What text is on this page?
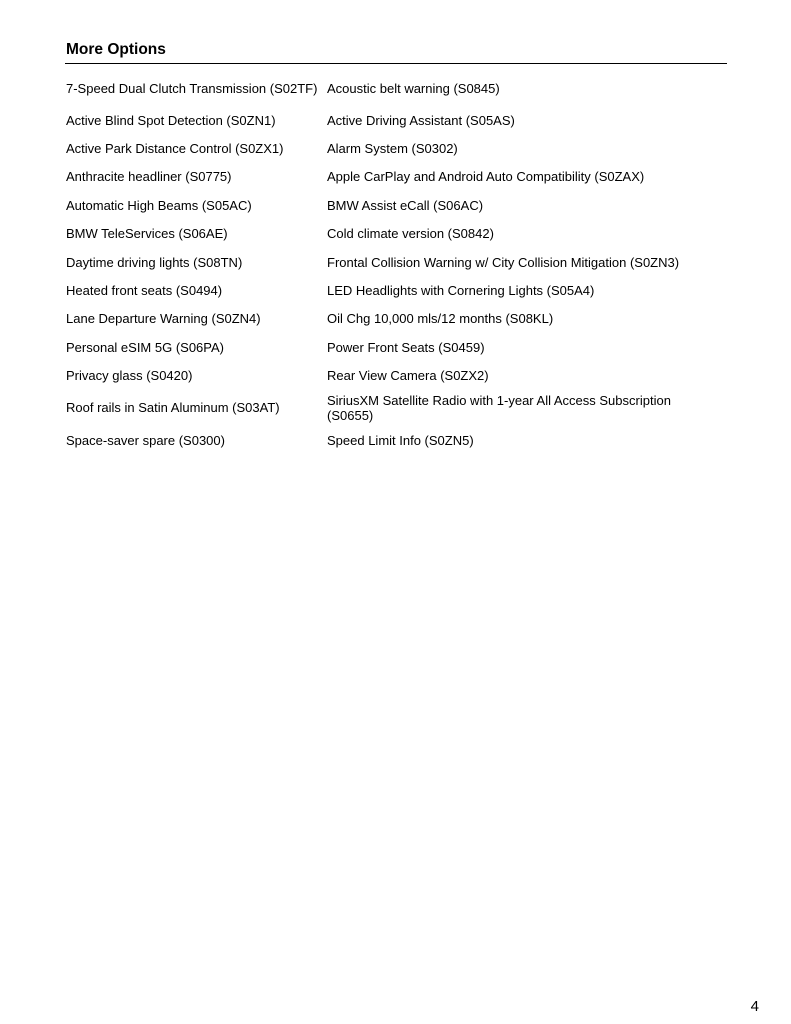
More Options
7-Speed Dual Clutch Transmission (S02TF)	Acoustic belt warning (S0845)
Active Blind Spot Detection (S0ZN1)	Active Driving Assistant (S05AS)
Active Park Distance Control (S0ZX1)	Alarm System (S0302)
Anthracite headliner (S0775)	Apple CarPlay and Android Auto Compatibility (S0ZAX)
Automatic High Beams (S05AC)	BMW Assist eCall (S06AC)
BMW TeleServices (S06AE)	Cold climate version (S0842)
Daytime driving lights (S08TN)	Frontal Collision Warning w/ City Collision Mitigation (S0ZN3)
Heated front seats (S0494)	LED Headlights with Cornering Lights (S05A4)
Lane Departure Warning (S0ZN4)	Oil Chg 10,000 mls/12 months (S08KL)
Personal eSIM 5G (S06PA)	Power Front Seats (S0459)
Privacy glass (S0420)	Rear View Camera (S0ZX2)
Roof rails in Satin Aluminum (S03AT)	SiriusXM Satellite Radio with 1-year All Access Subscription (S0655)
Space-saver spare (S0300)	Speed Limit Info (S0ZN5)
4
